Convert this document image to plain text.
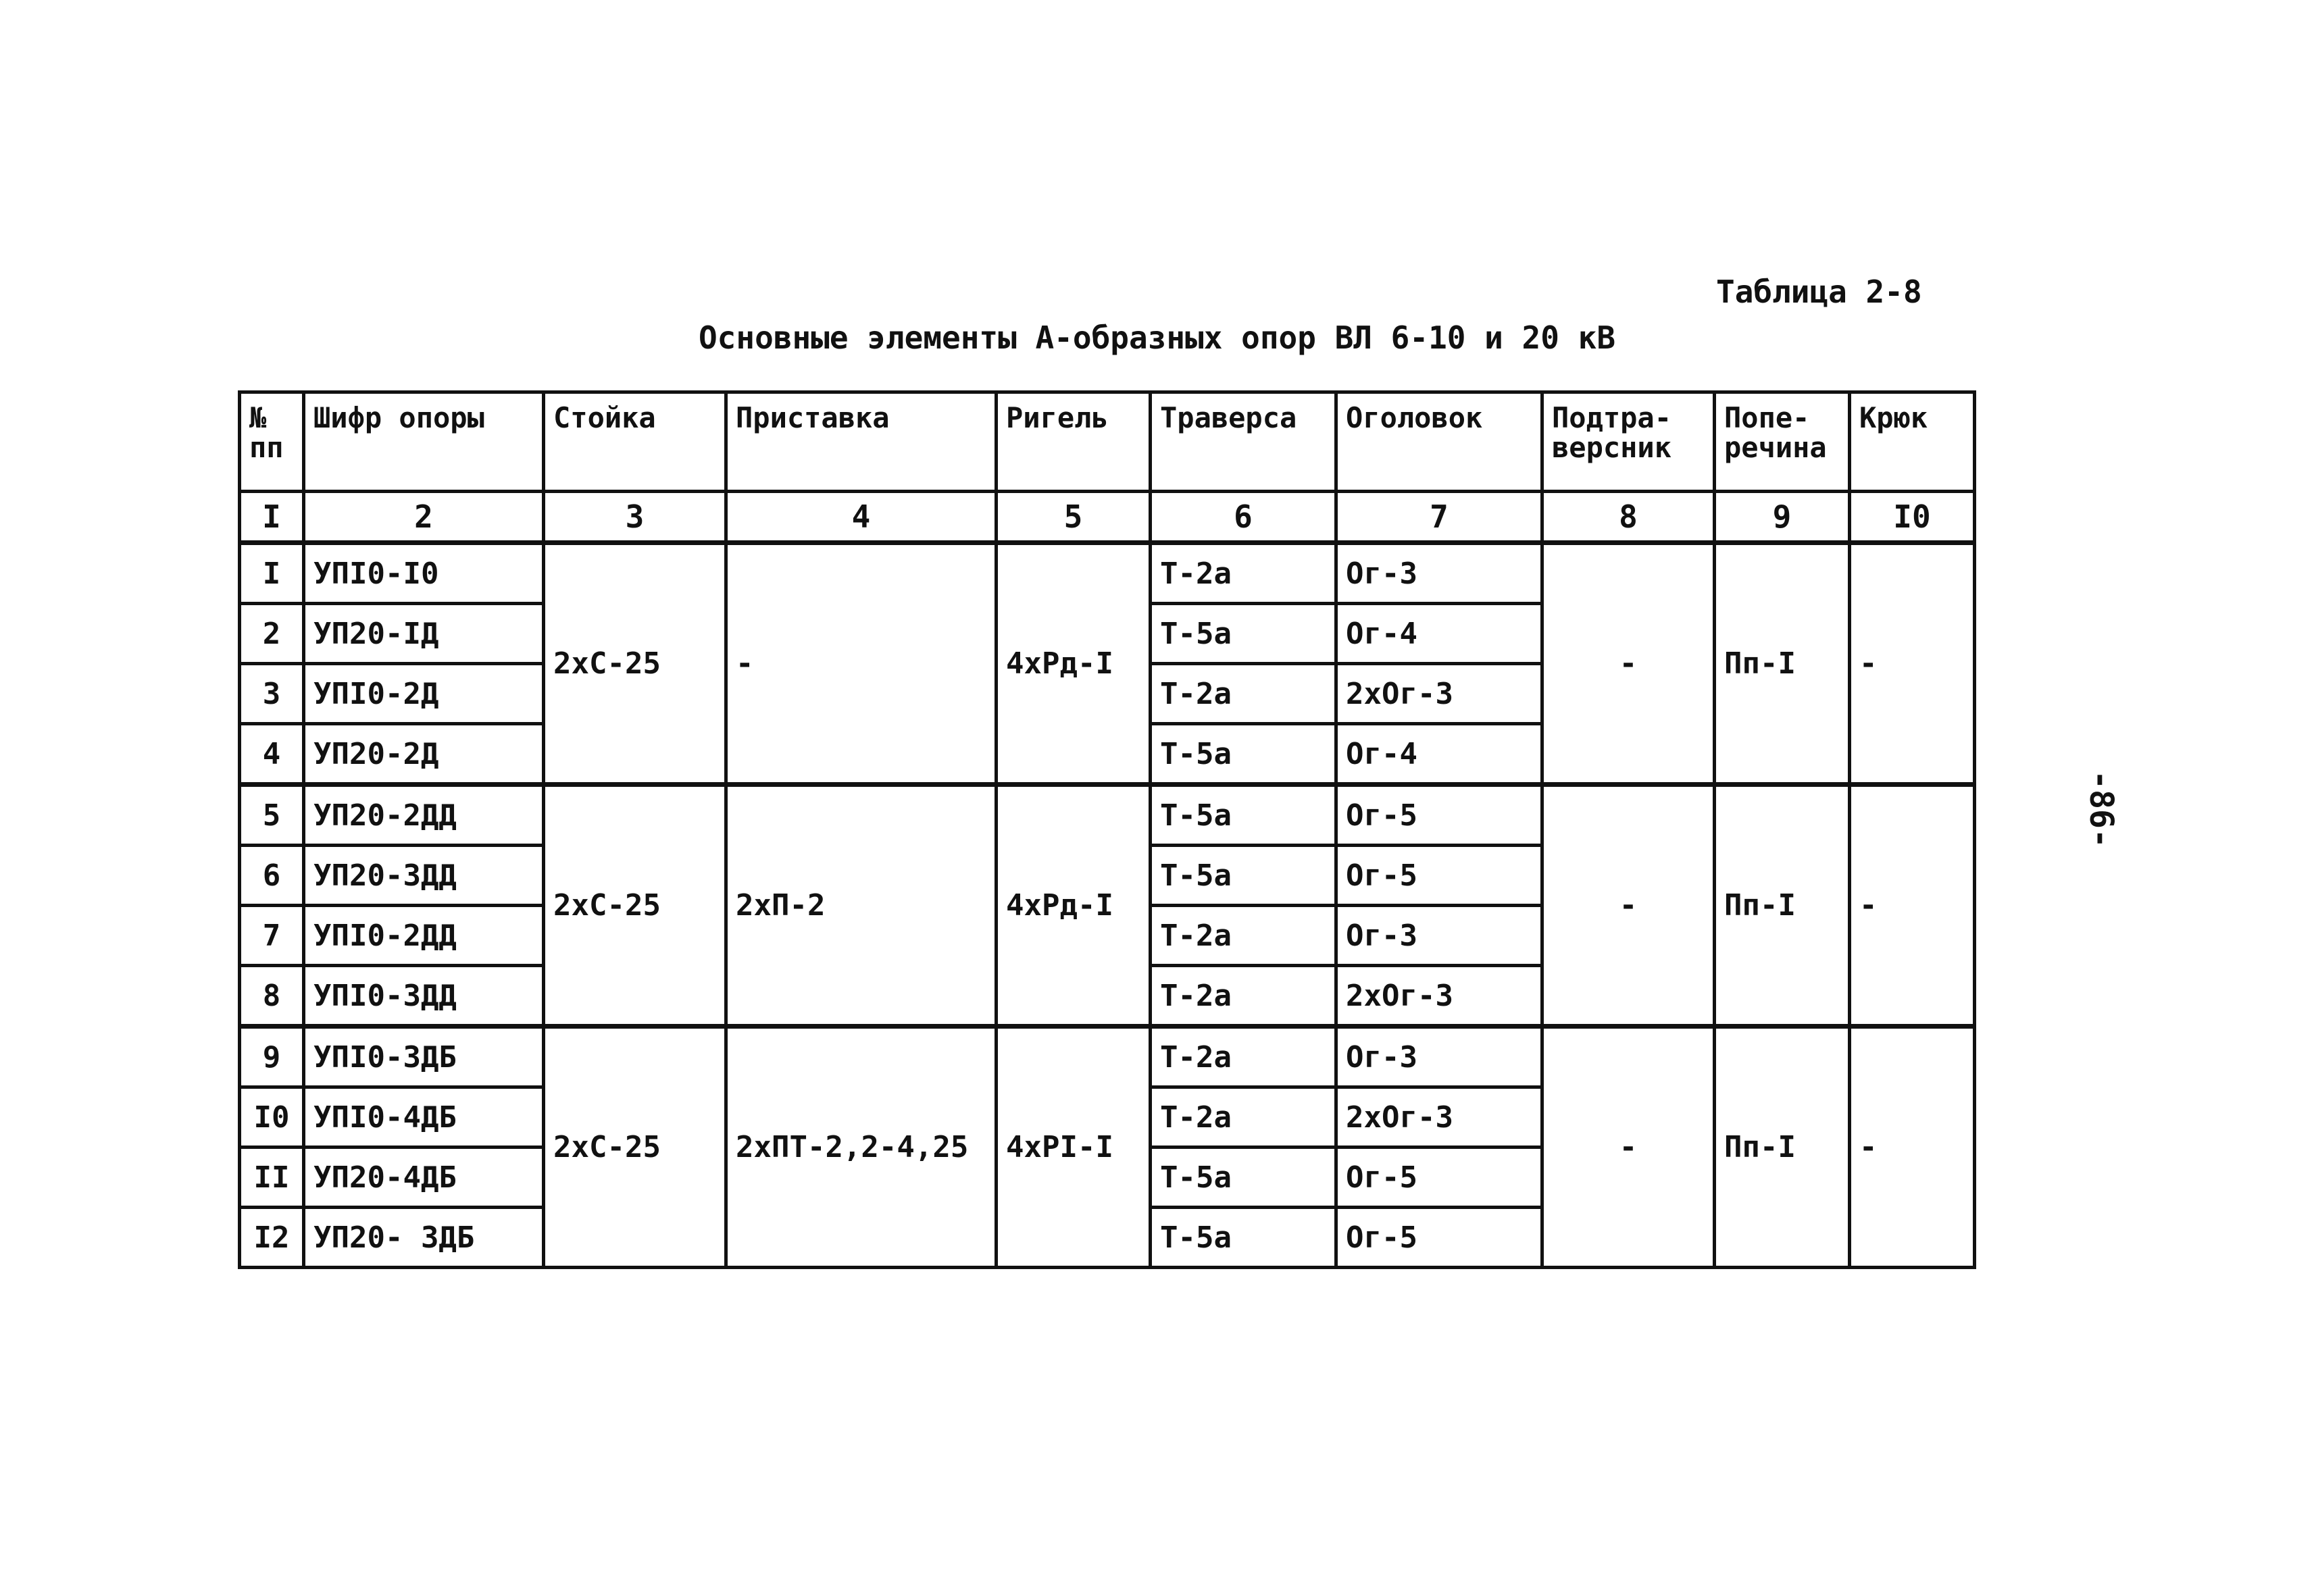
Таблица 2-8
Основные элементы А-образных опор ВЛ 6-10 и 20 кВ
-86-
№ пп	Шифр опоры	Стойка	Приставка	Ригель	Траверса	Оголовок	Подтра- версник	Попе- речина	Крюк
I	2	3	4	5	6	7	8	9	I0
I	УПI0-I0	2хС-25	-	4хРд-I	Т-2а	Ог-3	-	Пп-I	-
2	УП20-IД				Т-5а	Ог-4			
3	УПI0-2Д				Т-2а	2хОг-3			
4	УП20-2Д				Т-5а	Ог-4			
5	УП20-2ДД	2хС-25	2хП-2	4хРд-I	Т-5а	Ог-5	-	Пп-I	-
6	УП20-3ДД				Т-5а	Ог-5			
7	УПI0-2ДД				Т-2а	Ог-3			
8	УПI0-3ДД				Т-2а	2хОг-3			
9	УПI0-3ДБ	2хС-25	2хПТ-2,2-4,25	4хРI-I	Т-2а	Ог-3	-	Пп-I	-
I0	УПI0-4ДБ				Т-2а	2хОг-3			
II	УП20-4ДБ				Т-5а	Ог-5			
I2	УП20- 3ДБ				Т-5а	Ог-5			
